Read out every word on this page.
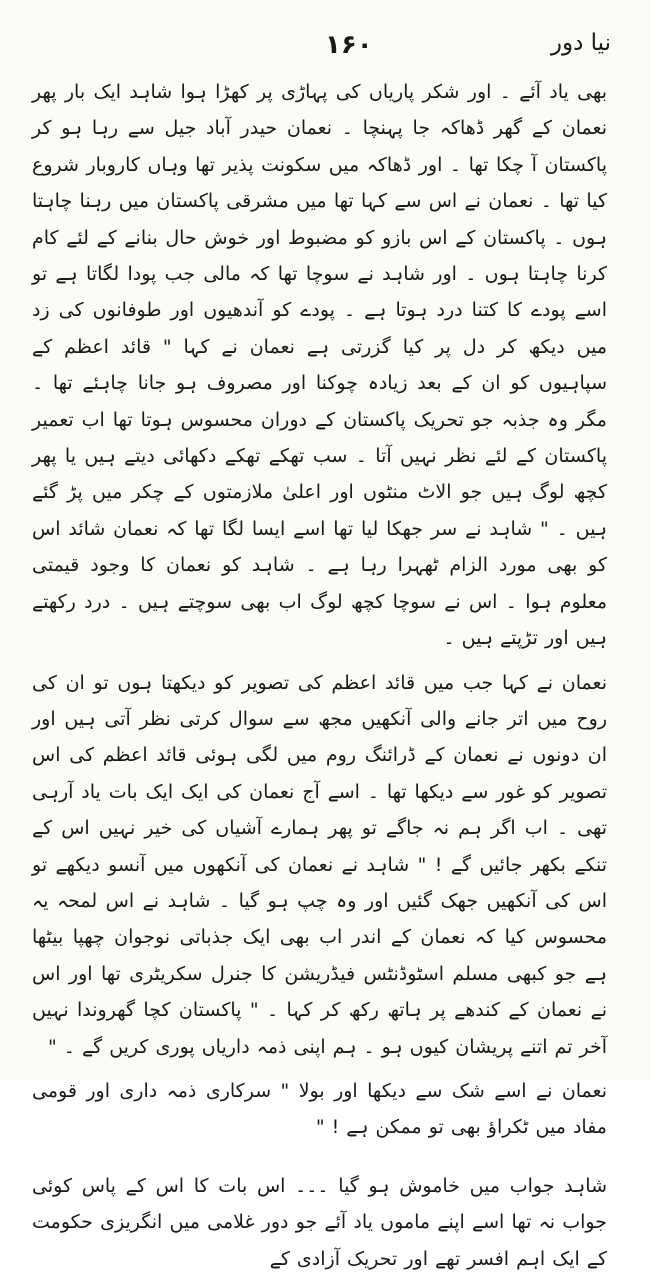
نیا دور
۱۶۰

بھی یاد آئے ۔ اور شکر پاریاں کی پہاڑی پر کھڑا ہوا شاہد ایک بار پھر نعمان کے گھر ڈھاکہ جا پہنچا ۔ نعمان حیدر آباد جیل سے رہا ہو کر پاکستان آ چکا تھا ۔ اور ڈھاکہ میں سکونت پذیر تھا وہاں کاروبار شروع کیا تھا ۔ نعمان نے اس سے کہا تھا میں مشرقی پاکستان میں رہنا چاہتا ہوں ۔ پاکستان کے اس بازو کو مضبوط اور خوش حال بنانے کے لئے کام کرنا چاہتا ہوں ۔ اور شاہد نے سوچا تھا کہ مالی جب پودا لگاتا ہے تو اسے پودے کا کتنا درد ہوتا ہے ۔ پودے کو آندھیوں اور طوفانوں کی زد میں دیکھ کر دل پر کیا گزرتی ہے نعمان نے کہا " قائد اعظم کے سپاہیوں کو ان کے بعد زیادہ چوکنا اور مصروف ہو جانا چاہئے تھا ۔ مگر وہ جذبہ جو تحریک پاکستان کے دوران محسوس ہوتا تھا اب تعمیر پاکستان کے لئے نظر نہیں آتا ۔ سب تھکے تھکے دکھائی دیتے ہیں یا پھر کچھ لوگ ہیں جو الاٹ منٹوں اور اعلیٰ ملازمتوں کے چکر میں پڑ گئے ہیں ۔ " شاہد نے سر جھکا لیا تھا اسے ایسا لگا تھا کہ نعمان شائد اس کو بھی مورد الزام ٹھہرا رہا ہے ۔ شاہد کو نعمان کا وجود قیمتی معلوم ہوا ۔ اس نے سوچا کچھ لوگ اب بھی سوچتے ہیں ۔ درد رکھتے ہیں اور تڑپتے ہیں ۔

نعمان نے کہا جب میں قائد اعظم کی تصویر کو دیکھتا ہوں تو ان کی روح میں اتر جانے والی آنکھیں مجھ سے سوال کرتی نظر آتی ہیں اور ان دونوں نے نعمان کے ڈرائنگ روم میں لگی ہوئی قائد اعظم کی اس تصویر کو غور سے دیکھا تھا ۔ اسے آج نعمان کی ایک ایک بات یاد آرہی تھی ۔ اب اگر ہم نہ جاگے تو پھر ہمارے آشیاں کی خیر نہیں اس کے تنکے بکھر جائیں گے ! " شاہد نے نعمان کی آنکھوں میں آنسو دیکھے تو اس کی آنکھیں جھک گئیں اور وہ چپ ہو گیا ۔ شاہد نے اس لمحہ یہ محسوس کیا کہ نعمان کے اندر اب بھی ایک جذباتی نوجوان چھپا بیٹھا ہے جو کبھی مسلم اسٹوڈنٹس فیڈریشن کا جنرل سکریٹری تھا اور اس نے نعمان کے کندھے پر ہاتھ رکھ کر کہا ۔ " پاکستان کچا گھروندا نہیں آخر تم اتنے پریشان کیوں ہو ۔ ہم اپنی ذمہ داریاں پوری کریں گے ۔ "

نعمان نے اسے شک سے دیکھا اور بولا " سرکاری ذمہ داری اور قومی مفاد میں ٹکراؤ بھی تو ممکن ہے ! "

شاہد جواب میں خاموش ہو گیا ۔۔۔ اس بات کا اس کے پاس کوئی جواب نہ تھا اسے اپنے ماموں یاد آئے جو دور غلامی میں انگریزی حکومت کے ایک اہم افسر تھے اور تحریک آزادی کے
